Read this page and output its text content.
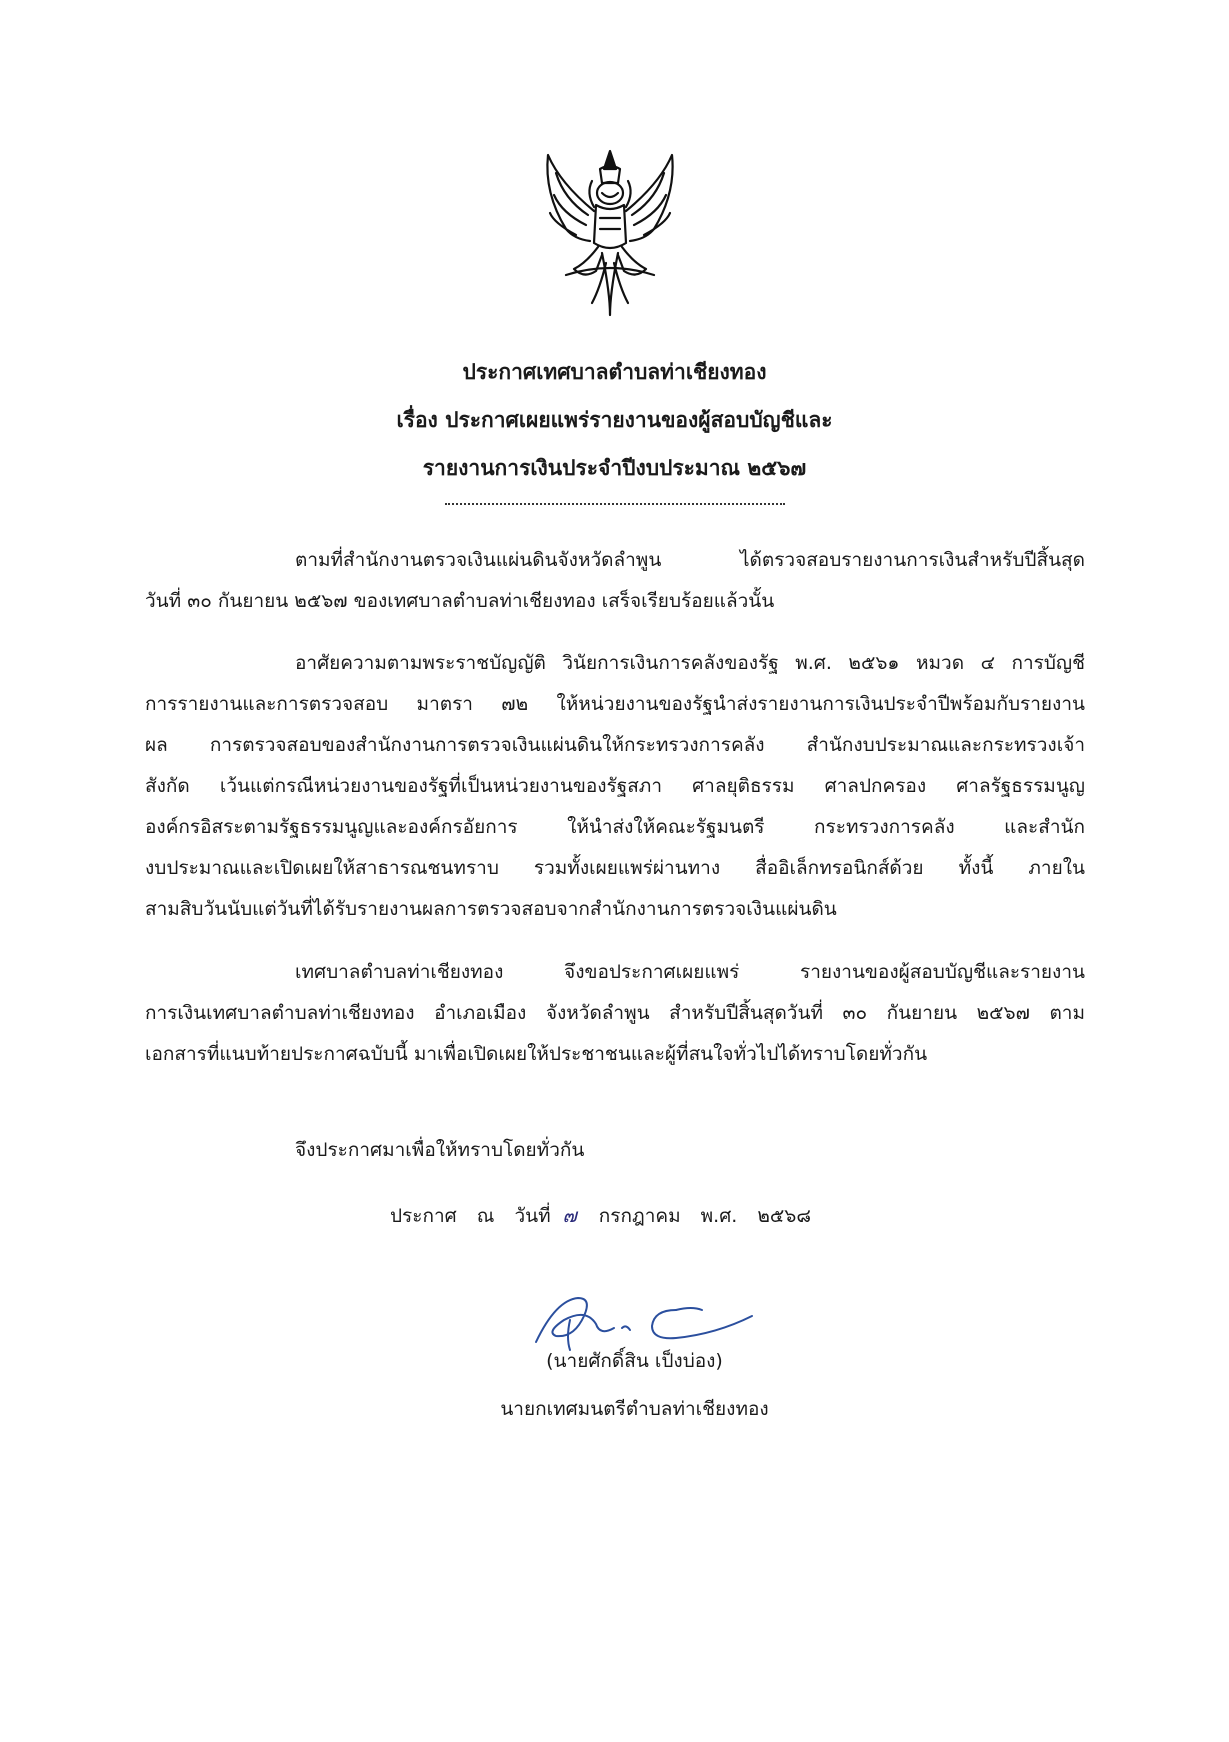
ประกาศเทศบาลตำบลท่าเชียงทอง
เรื่อง ประกาศเผยแพร่รายงานของผู้สอบบัญชีและ
รายงานการเงินประจำปีงบประมาณ ๒๕๖๗
ตามที่สำนักงานตรวจเงินแผ่นดินจังหวัดลำพูน ได้ตรวจสอบรายงานการเงินสำหรับปีสิ้นสุด
วันที่ ๓๐ กันยายน ๒๕๖๗ ของเทศบาลตำบลท่าเชียงทอง เสร็จเรียบร้อยแล้วนั้น
อาศัยความตามพระราชบัญญัติ วินัยการเงินการคลังของรัฐ พ.ศ. ๒๕๖๑ หมวด ๔ การบัญชี
การรายงานและการตรวจสอบ มาตรา ๗๒ ให้หน่วยงานของรัฐนำส่งรายงานการเงินประจำปีพร้อมกับรายงาน
ผล การตรวจสอบของสำนักงานการตรวจเงินแผ่นดินให้กระทรวงการคลัง สำนักงบประมาณและกระทรวงเจ้า
สังกัด เว้นแต่กรณีหน่วยงานของรัฐที่เป็นหน่วยงานของรัฐสภา ศาลยุติธรรม ศาลปกครอง ศาลรัฐธรรมนูญ
องค์กรอิสระตามรัฐธรรมนูญและองค์กรอัยการ ให้นำส่งให้คณะรัฐมนตรี กระทรวงการคลัง และสำนัก
งบประมาณและเปิดเผยให้สาธารณชนทราบ รวมทั้งเผยแพร่ผ่านทาง สื่ออิเล็กทรอนิกส์ด้วย ทั้งนี้ ภายใน
สามสิบวันนับแต่วันที่ได้รับรายงานผลการตรวจสอบจากสำนักงานการตรวจเงินแผ่นดิน
เทศบาลตำบลท่าเชียงทอง จึงขอประกาศเผยแพร่ รายงานของผู้สอบบัญชีและรายงาน
การเงินเทศบาลตำบลท่าเชียงทอง อำเภอเมือง จังหวัดลำพูน สำหรับปีสิ้นสุดวันที่ ๓๐ กันยายน ๒๕๖๗ ตาม
เอกสารที่แนบท้ายประกาศฉบับนี้ มาเพื่อเปิดเผยให้ประชาชนและผู้ที่สนใจทั่วไปได้ทราบโดยทั่วกัน
จึงประกาศมาเพื่อให้ทราบโดยทั่วกัน
ประกาศ ณ วันที่ ๗ กรกฎาคม พ.ศ. ๒๕๖๘
(นายศักดิ์สิน เป็งบ่อง)
นายกเทศมนตรีตำบลท่าเชียงทอง
